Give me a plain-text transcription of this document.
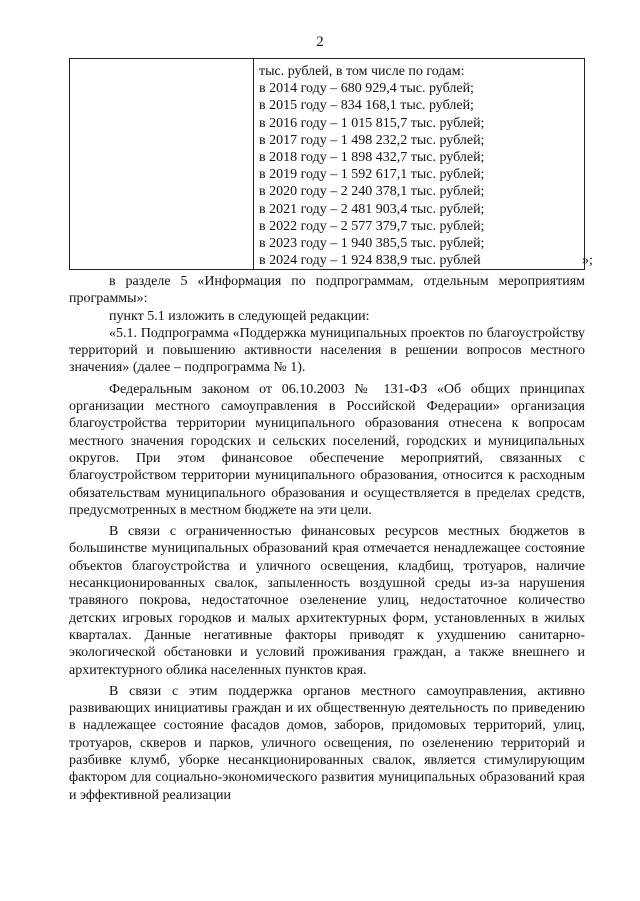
2
тыс. рублей, в том числе по годам:
в 2014 году – 680 929,4 тыс. рублей;
в 2015 году – 834 168,1 тыс. рублей;
в 2016 году – 1 015 815,7 тыс. рублей;
в 2017 году – 1 498 232,2 тыс. рублей;
в 2018 году – 1 898 432,7 тыс. рублей;
в 2019 году – 1 592 617,1 тыс. рублей;
в 2020 году – 2 240 378,1 тыс. рублей;
в 2021 году – 2 481 903,4 тыс. рублей;
в 2022 году – 2 577 379,7 тыс. рублей;
в 2023 году – 1 940 385,5 тыс. рублей;
в 2024 году – 1 924 838,9 тыс. рублей	»;

в разделе 5 «Информация по подпрограммам, отдельным мероприятиям программы»:

пункт 5.1 изложить в следующей редакции:

«5.1. Подпрограмма «Поддержка муниципальных проектов по благоустройству территорий и повышению активности населения в решении вопросов местного значения» (далее – подпрограмма № 1).

Федеральным законом от 06.10.2003 № 131-ФЗ «Об общих принципах организации местного самоуправления в Российской Федерации» организация благоустройства территории муниципального образования отнесена к вопросам местного значения городских и сельских поселений, городских и муниципальных округов. При этом финансовое обеспечение мероприятий, связанных с благоустройством территории муниципального образования, относится к расходным обязательствам муниципального образования и осуществляется в пределах средств, предусмотренных в местном бюджете на эти цели.

В связи с ограниченностью финансовых ресурсов местных бюджетов в большинстве муниципальных образований края отмечается ненадлежащее состояние объектов благоустройства и уличного освещения, кладбищ, тротуаров, наличие несанкционированных свалок, запыленность воздушной среды из-за нарушения травяного покрова, недостаточное озеленение улиц, недостаточное количество детских игровых городков и малых архитектурных форм, установленных в жилых кварталах. Данные негативные факторы приводят к ухудшению санитарно-экологической обстановки и условий проживания граждан, а также внешнего и архитектурного облика населенных пунктов края.

В связи с этим поддержка органов местного самоуправления, активно развивающих инициативы граждан и их общественную деятельность по приведению в надлежащее состояние фасадов домов, заборов, придомовых территорий, улиц, тротуаров, скверов и парков, уличного освещения, по озеленению территорий и разбивке клумб, уборке несанкционированных свалок, является стимулирующим фактором для социально-экономического развития муниципальных образований края и эффективной реализации
